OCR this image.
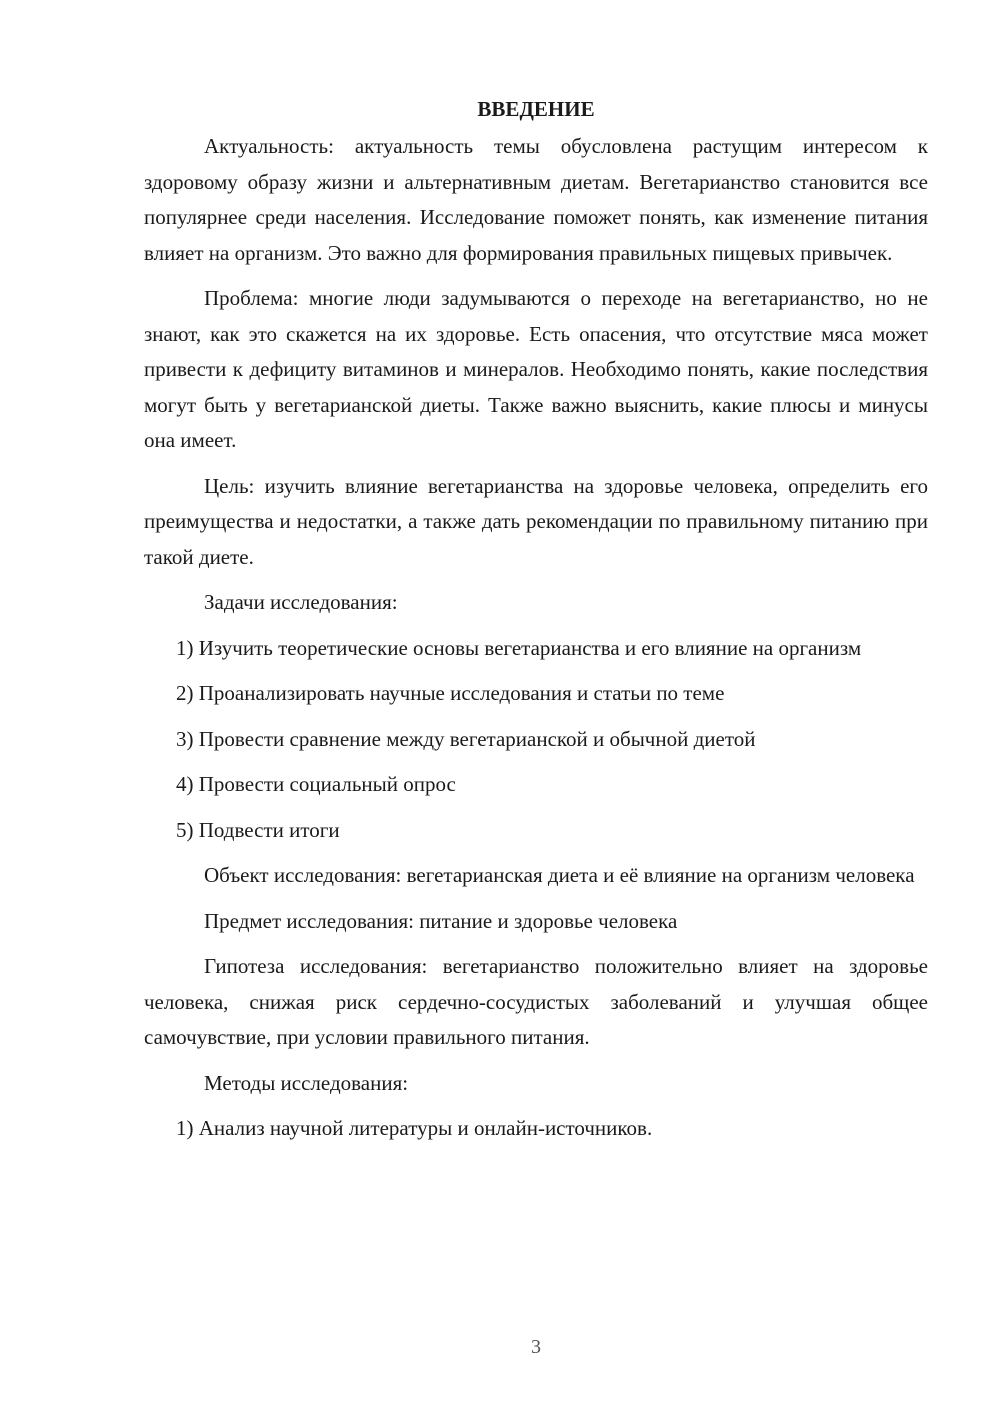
ВВЕДЕНИЕ

Актуальность: актуальность темы обусловлена растущим интересом к здоровому образу жизни и альтернативным диетам. Вегетарианство становится все популярнее среди населения. Исследование поможет понять, как изменение питания влияет на организм. Это важно для формирования правильных пищевых привычек.

Проблема: многие люди задумываются о переходе на вегетарианство, но не знают, как это скажется на их здоровье. Есть опасения, что отсутствие мяса может привести к дефициту витаминов и минералов. Необходимо понять, какие последствия могут быть у вегетарианской диеты. Также важно выяснить, какие плюсы и минусы она имеет.

Цель: изучить влияние вегетарианства на здоровье человека, определить его преимущества и недостатки, а также дать рекомендации по правильному питанию при такой диете.

Задачи исследования:

1) Изучить теоретические основы вегетарианства и его влияние на организм

2) Проанализировать научные исследования и статьи по теме

3) Провести сравнение между вегетарианской и обычной диетой

4) Провести социальный опрос

5) Подвести итоги

Объект исследования: вегетарианская диета и её влияние на организм человека

Предмет исследования: питание и здоровье человека

Гипотеза исследования: вегетарианство положительно влияет на здоровье человека, снижая риск сердечно-сосудистых заболеваний и улучшая общее самочувствие, при условии правильного питания.

Методы исследования:

1) Анализ научной литературы и онлайн-источников.

3
